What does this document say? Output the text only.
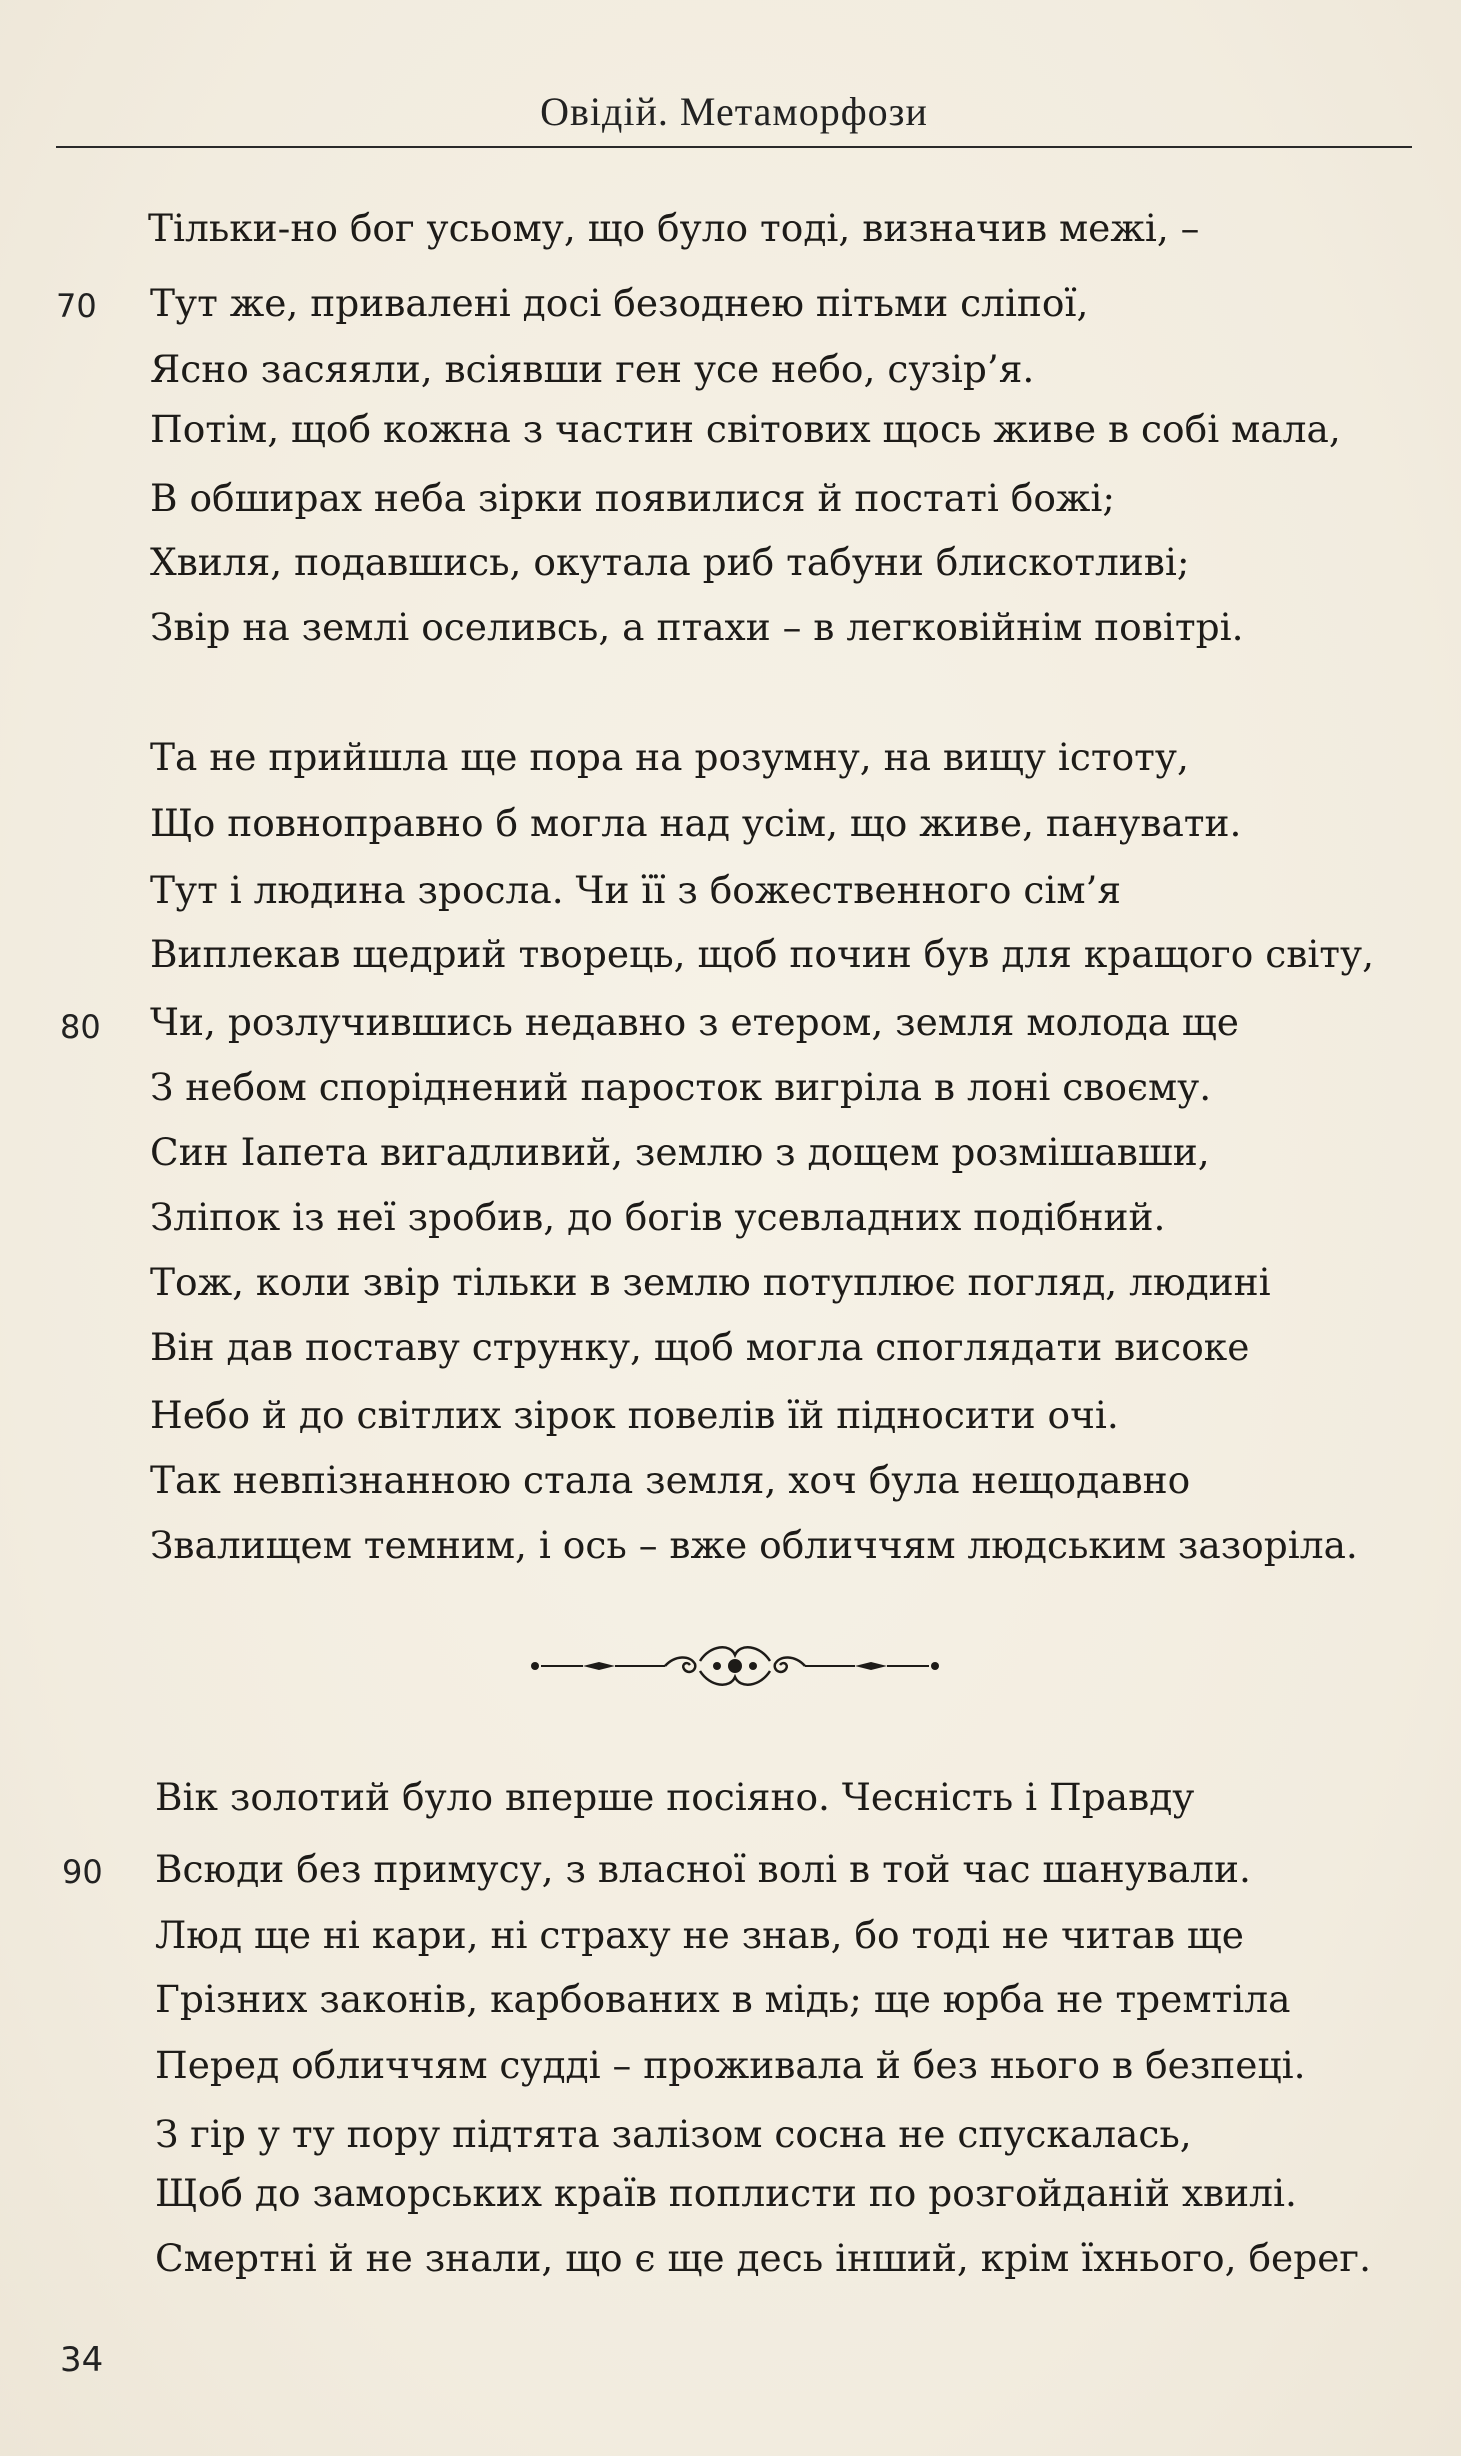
Овідій. Метаморфози
Тільки-но бог усьому, що було тоді, визначив межі, –
Тут же, привалені досі безоднею пітьми сліпої,
Ясно засяяли, всіявши ген усе небо, сузір’я.
Потім, щоб кожна з частин світових щось живе в собі мала,
В обширах неба зірки появилися й постаті божі;
Хвиля, подавшись, окутала риб табуни блискотливі;
Звір на землі оселивсь, а птахи – в легковійнім повітрі.
Та не прийшла ще пора на розумну, на вищу істоту,
Що повноправно б могла над усім, що живе, панувати.
Тут і людина зросла. Чи її з божественного сім’я
Виплекав щедрий творець, щоб почин був для кращого світу,
Чи, розлучившись недавно з етером, земля молода ще
З небом споріднений паросток вигріла в лоні своєму.
Син Іапета вигадливий, землю з дощем розмішавши,
Зліпок із неї зробив, до богів усевладних подібний.
Тож, коли звір тільки в землю потуплює погляд, людині
Він дав поставу струнку, щоб могла споглядати високе
Небо й до світлих зірок повелів їй підносити очі.
Так невпізнанною стала земля, хоч була нещодавно
Звалищем темним, і ось – вже обличчям людським зазоріла.
Вік золотий було вперше посіяно. Чесність і Правду
Всюди без примусу, з власної волі в той час шанували.
Люд ще ні кари, ні страху не знав, бо тоді не читав ще
Грізних законів, карбованих в мідь; ще юрба не тремтіла
Перед обличчям судді – проживала й без нього в безпеці.
З гір у ту пору підтята залізом сосна не спускалась,
Щоб до заморських країв поплисти по розгойданій хвилі.
Смертні й не знали, що є ще десь інший, крім їхнього, берег.
70
80
90
34
